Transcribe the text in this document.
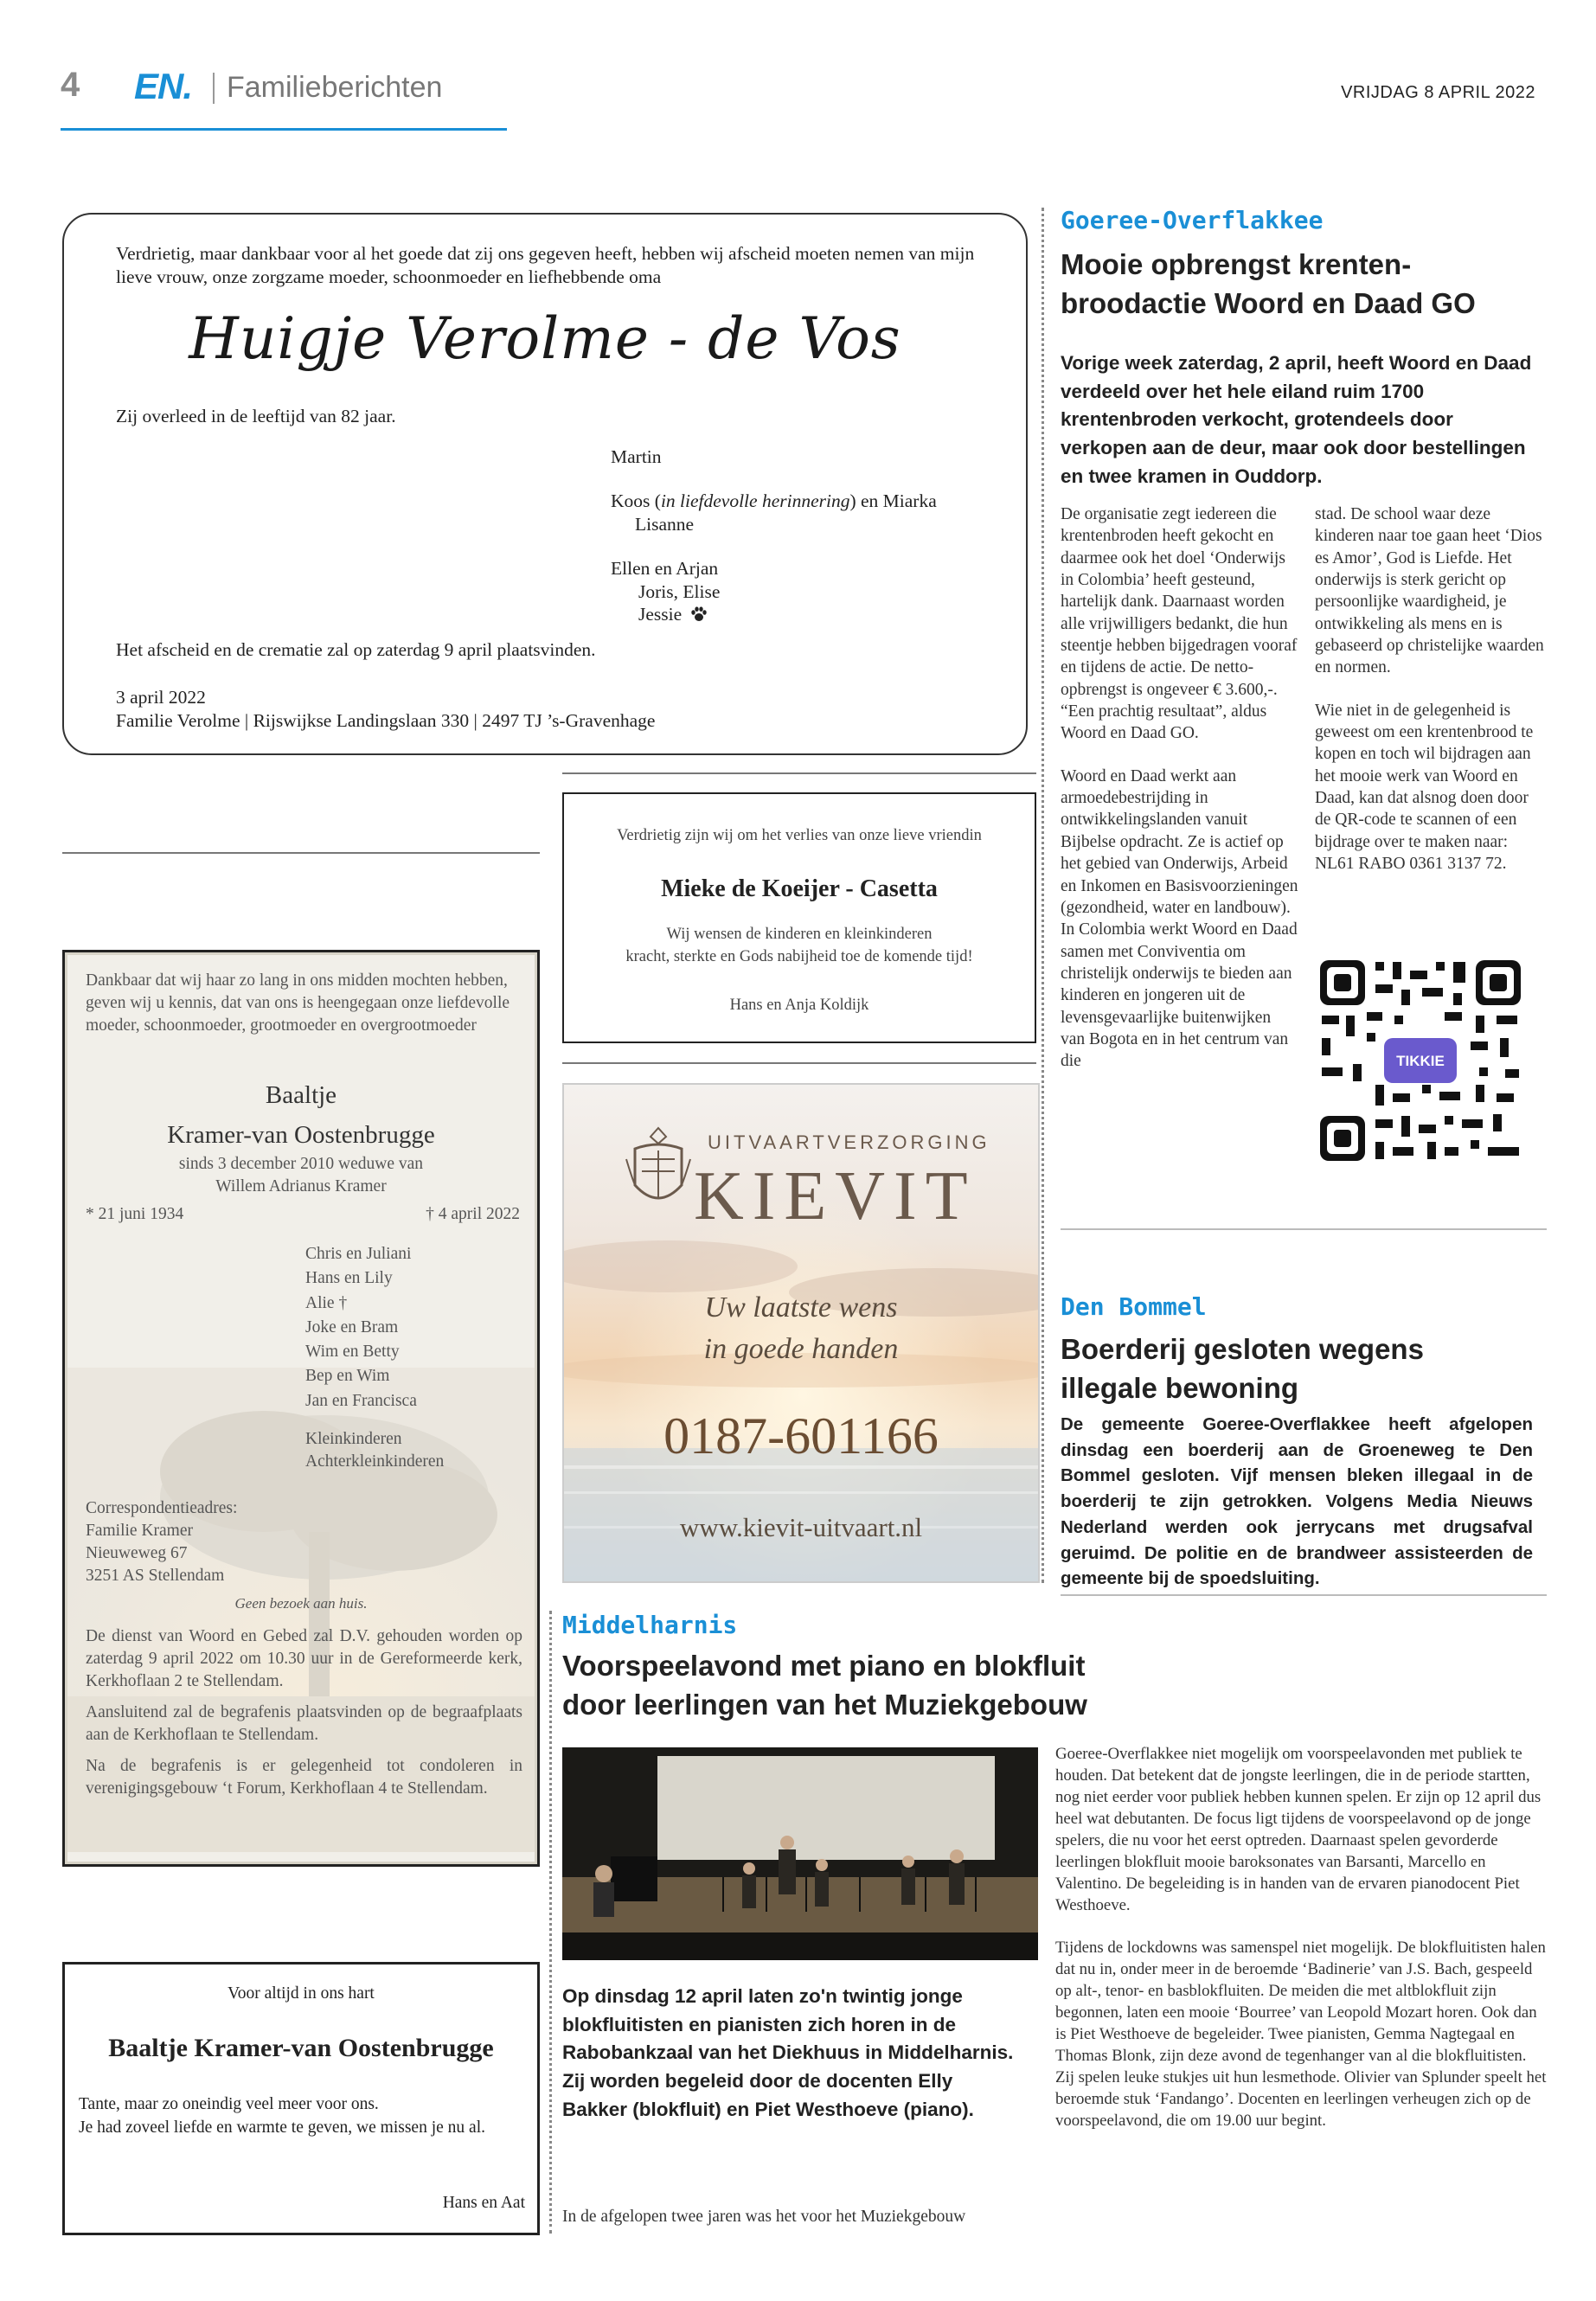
4 EN. Familieberichten	VRIJDAG 8 APRIL 2022
Verdrietig, maar dankbaar voor al het goede dat zij ons gegeven heeft, hebben wij afscheid moeten nemen van mijn lieve vrouw, onze zorgzame moeder, schoonmoeder en liefhebbende oma
Huigje Verolme - de Vos
Zij overleed in de leeftijd van 82 jaar.
Martin
Koos (in liefdevolle herinnering) en Miarka
Lisanne
Ellen en Arjan
Joris, Elise
Jessie
Het afscheid en de crematie zal op zaterdag 9 april plaatsvinden.
3 april 2022
Familie Verolme | Rijswijkse Landingslaan 330 | 2497 TJ ’s-Gravenhage
Dankbaar dat wij haar zo lang in ons midden mochten hebben, geven wij u kennis, dat van ons is heengegaan onze liefdevolle moeder, schoonmoeder, grootmoeder en overgrootmoeder
Baaltje
Kramer-van Oostenbrugge
sinds 3 december 2010 weduwe van
Willem Adrianus Kramer
* 21 juni 1934	† 4 april 2022
Chris en Juliani
Hans en Lily
Alie †
Joke en Bram
Wim en Betty
Bep en Wim
Jan en Francisca
Kleinkinderen
Achterkleinkinderen
Correspondentieadres:
Familie Kramer
Nieuweweg 67
3251 AS Stellendam
Geen bezoek aan huis.
De dienst van Woord en Gebed zal D.V. gehouden worden op zaterdag 9 april 2022 om 10.30 uur in de Gereformeerde kerk, Kerkhoflaan 2 te Stellendam.
Aansluitend zal de begrafenis plaatsvinden op de begraafplaats aan de Kerkhoflaan te Stellendam.
Na de begrafenis is er gelegenheid tot condoleren in verenigingsgebouw ‘t Forum, Kerkhoflaan 4 te Stellendam.
Voor altijd in ons hart
Baaltje Kramer-van Oostenbrugge
Tante, maar zo oneindig veel meer voor ons.
Je had zoveel liefde en warmte te geven, we missen je nu al.
Hans en Aat
Verdrietig zijn wij om het verlies van onze lieve vriendin
Mieke de Koeijer - Casetta
Wij wensen de kinderen en kleinkinderen
kracht, sterkte en Gods nabijheid toe de komende tijd!
Hans en Anja Koldijk
UITVAARTVERZORGING
KIEVIT
Uw laatste wens
in goede handen
0187-601166
www.kievit-uitvaart.nl
Goeree-Overflakkee
Mooie opbrengst krenten-
broodactie Woord en Daad GO
Vorige week zaterdag, 2 april, heeft Woord en Daad verdeeld over het hele eiland ruim 1700 krentenbroden verkocht, grotendeels door verkopen aan de deur, maar ook door bestellingen en twee kramen in Ouddorp.

De organisatie zegt iedereen die krentenbroden heeft gekocht en daarmee ook het doel ‘Onderwijs in Colombia’ heeft gesteund, hartelijk dank. Daarnaast worden alle vrijwilligers bedankt, die hun steentje hebben bijgedragen vooraf en tijdens de actie. De netto-opbrengst is ongeveer € 3.600,-. “Een prachtig resultaat”, aldus Woord en Daad GO.

Woord en Daad werkt aan armoedebestrijding in ontwikkelingslanden vanuit Bijbelse opdracht. Ze is actief op het gebied van Onderwijs, Arbeid en Inkomen en Basisvoorzieningen (gezondheid, water en landbouw). In Colombia werkt Woord en Daad samen met Conviventia om christelijk onderwijs te bieden aan kinderen en jongeren uit de levensgevaarlijke buitenwijken van Bogota en in het centrum van die

stad. De school waar deze kinderen naar toe gaan heet ‘Dios es Amor’, God is Liefde. Het onderwijs is sterk gericht op persoonlijke waardigheid, je ontwikkeling als mens en is gebaseerd op christelijke waarden en normen.

Wie niet in de gelegenheid is geweest om een krentenbrood te kopen en toch wil bijdragen aan het mooie werk van Woord en Daad, kan dat alsnog doen door de QR-code te scannen of een bijdrage over te maken naar: NL61 RABO 0361 3137 72.

TIKKIE
Den Bommel
Boerderij gesloten wegens
illegale bewoning
De gemeente Goeree-Overflakkee heeft afgelopen dinsdag een boerderij aan de Groeneweg te Den Bommel gesloten. Vijf mensen bleken illegaal in de boerderij te zijn getrokken. Volgens Media Nieuws Nederland werden ook jerrycans met drugsafval geruimd. De politie en de brandweer assisteerden de gemeente bij de spoedsluiting.
Middelharnis
Voorspeelavond met piano en blokfluit
door leerlingen van het Muziekgebouw
Op dinsdag 12 april laten zo'n twintig jonge blokfluitisten en pianisten zich horen in de Rabobankzaal van het Diekhuus in Middelharnis. Zij worden begeleid door de docenten Elly Bakker (blokfluit) en Piet Westhoeve (piano).

In de afgelopen twee jaren was het voor het Muziekgebouw

Goeree-Overflakkee niet mogelijk om voorspeelavonden met publiek te houden. Dat betekent dat de jongste leerlingen, die in de periode startten, nog niet eerder voor publiek hebben kunnen spelen. Er zijn op 12 april dus heel wat debutanten. De focus ligt tijdens de voorspeelavond op de jonge spelers, die nu voor het eerst optreden. Daarnaast spelen gevorderde leerlingen blokfluit mooie baroksonates van Barsanti, Marcello en Valentino. De begeleiding is in handen van de ervaren pianodocent Piet Westhoeve.

Tijdens de lockdowns was samenspel niet mogelijk. De blokfluitisten halen dat nu in, onder meer in de beroemde ‘Badinerie’ van J.S. Bach, gespeeld op alt-, tenor- en basblokfluiten. De meiden die met altblokfluit zijn begonnen, laten een mooie ‘Bourree’ van Leopold Mozart horen. Ook dan is Piet Westhoeve de begeleider. Twee pianisten, Gemma Nagtegaal en Thomas Blonk, zijn deze avond de tegenhanger van al die blokfluitisten. Zij spelen leuke stukjes uit hun lesmethode. Olivier van Splunder speelt het beroemde stuk ‘Fandango’. Docenten en leerlingen verheugen zich op de voorspeelavond, die om 19.00 uur begint.
